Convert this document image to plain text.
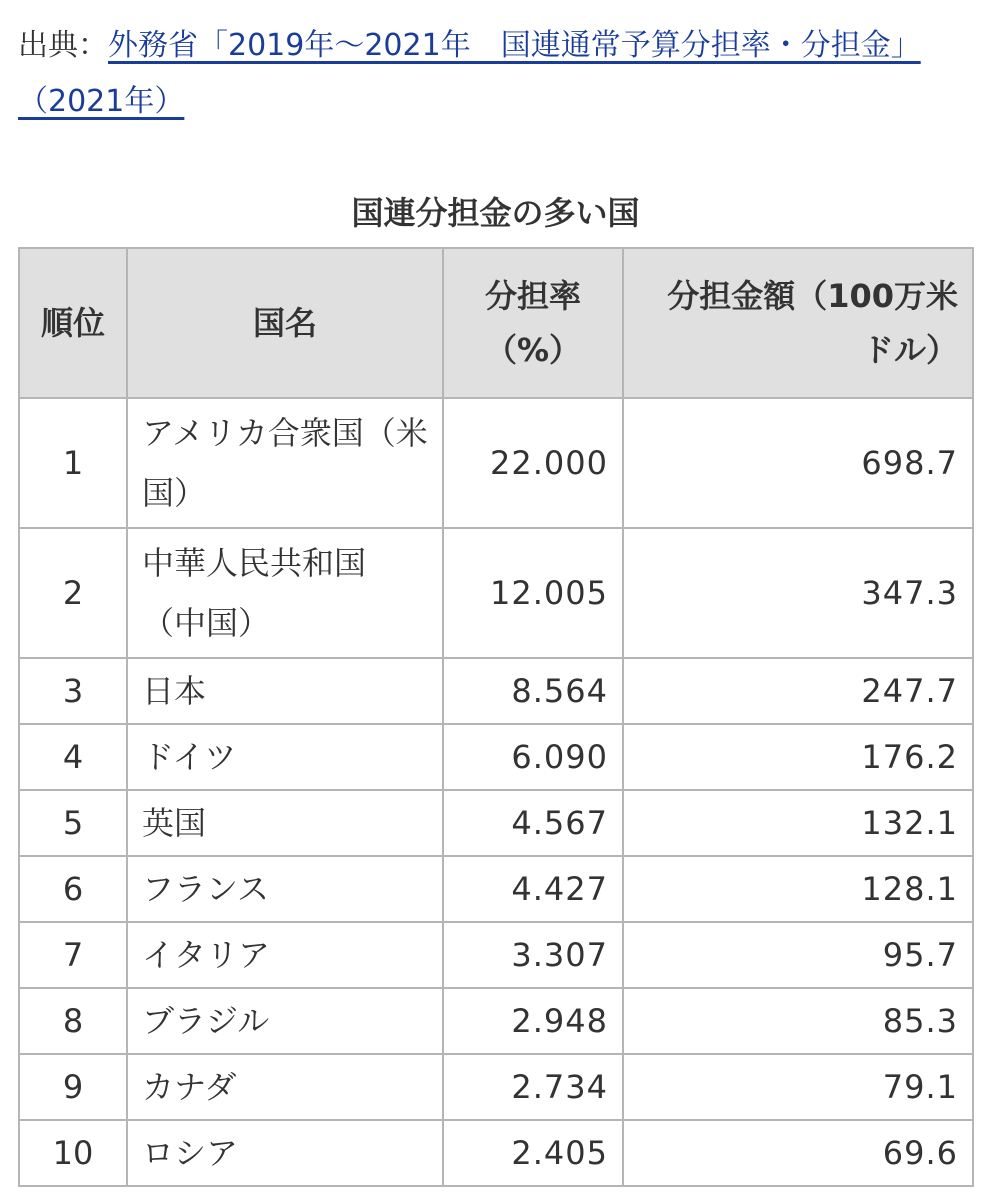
出典：外務省「2019年〜2021年　国連通常予算分担率・分担金」（2021年）
国連分担金の多い国
順位	国名	分担率（%）	分担金額（100万米ドル）
1	アメリカ合衆国（米国）	22.000	698.7
2	中華人民共和国（中国）	12.005	347.3
3	日本	8.564	247.7
4	ドイツ	6.090	176.2
5	英国	4.567	132.1
6	フランス	4.427	128.1
7	イタリア	3.307	95.7
8	ブラジル	2.948	85.3
9	カナダ	2.734	79.1
10	ロシア	2.405	69.6
